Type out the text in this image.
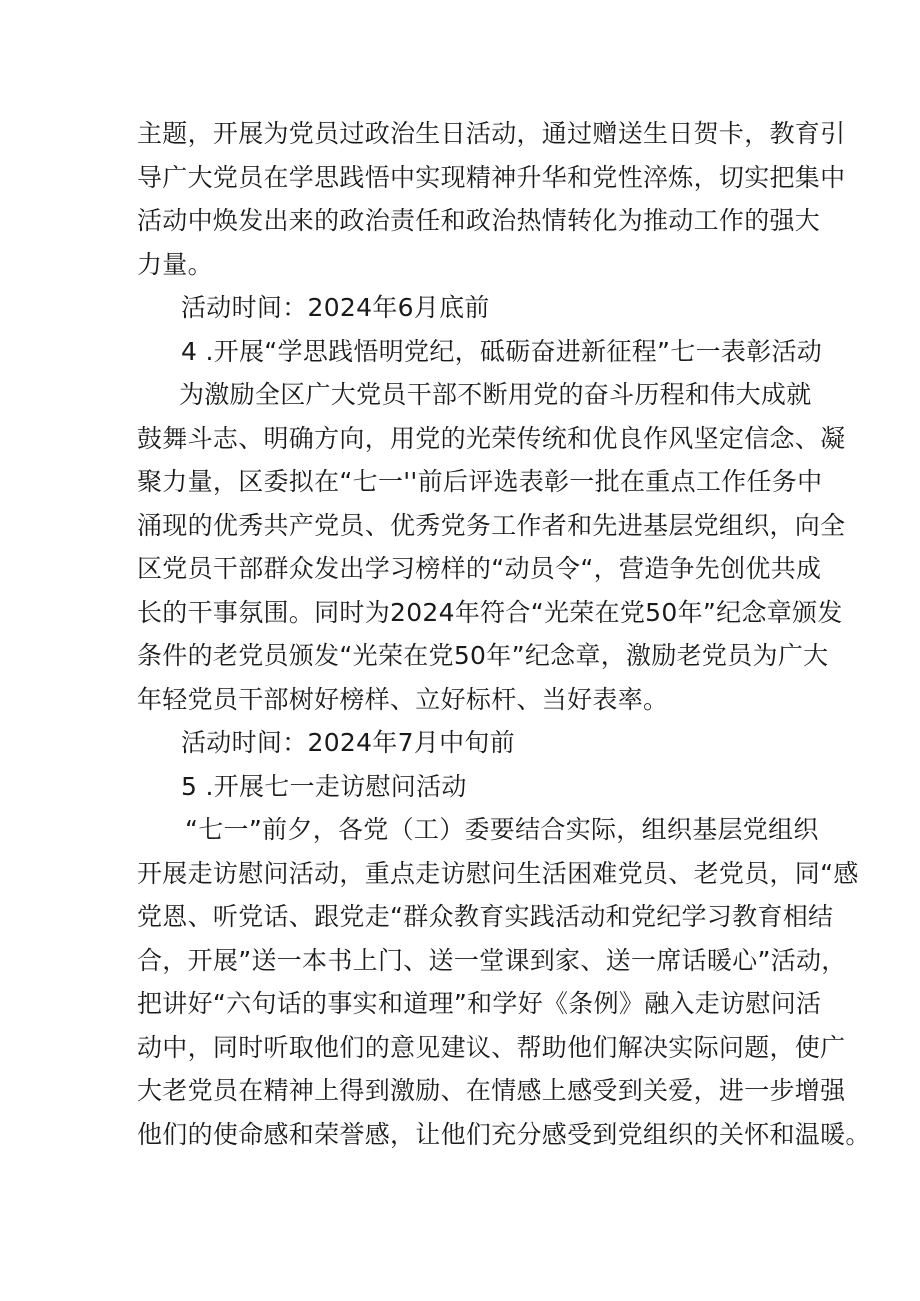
主题，开展为党员过政治生日活动，通过赠送生日贺卡，教育引
导广大党员在学思践悟中实现精神升华和党性淬炼，切实把集中
活动中焕发出来的政治责任和政治热情转化为推动工作的强大
力量。
活动时间：2024年6月底前
4 .开展“学思践悟明党纪，砥砺奋进新征程”七一表彰活动
为激励全区广大党员干部不断用党的奋斗历程和伟大成就
鼓舞斗志、明确方向，用党的光荣传统和优良作风坚定信念、凝
聚力量，区委拟在“七一''前后评选表彰一批在重点工作任务中
涌现的优秀共产党员、优秀党务工作者和先进基层党组织，向全
区党员干部群众发出学习榜样的“动员令“，营造争先创优共成
长的干事氛围。同时为2024年符合“光荣在党50年”纪念章颁发
条件的老党员颁发“光荣在党50年”纪念章，激励老党员为广大
年轻党员干部树好榜样、立好标杆、当好表率。
活动时间：2024年7月中旬前
5 .开展七一走访慰问活动
“七一”前夕，各党（工）委要结合实际，组织基层党组织
开展走访慰问活动，重点走访慰问生活困难党员、老党员，同“感
党恩、听党话、跟党走“群众教育实践活动和党纪学习教育相结
合，开展”送一本书上门、送一堂课到家、送一席话暖心”活动，
把讲好“六句话的事实和道理”和学好《条例》融入走访慰问活
动中，同时听取他们的意见建议、帮助他们解决实际问题，使广
大老党员在精神上得到激励、在情感上感受到关爱，进一步增强
他们的使命感和荣誉感，让他们充分感受到党组织的关怀和温暖。
